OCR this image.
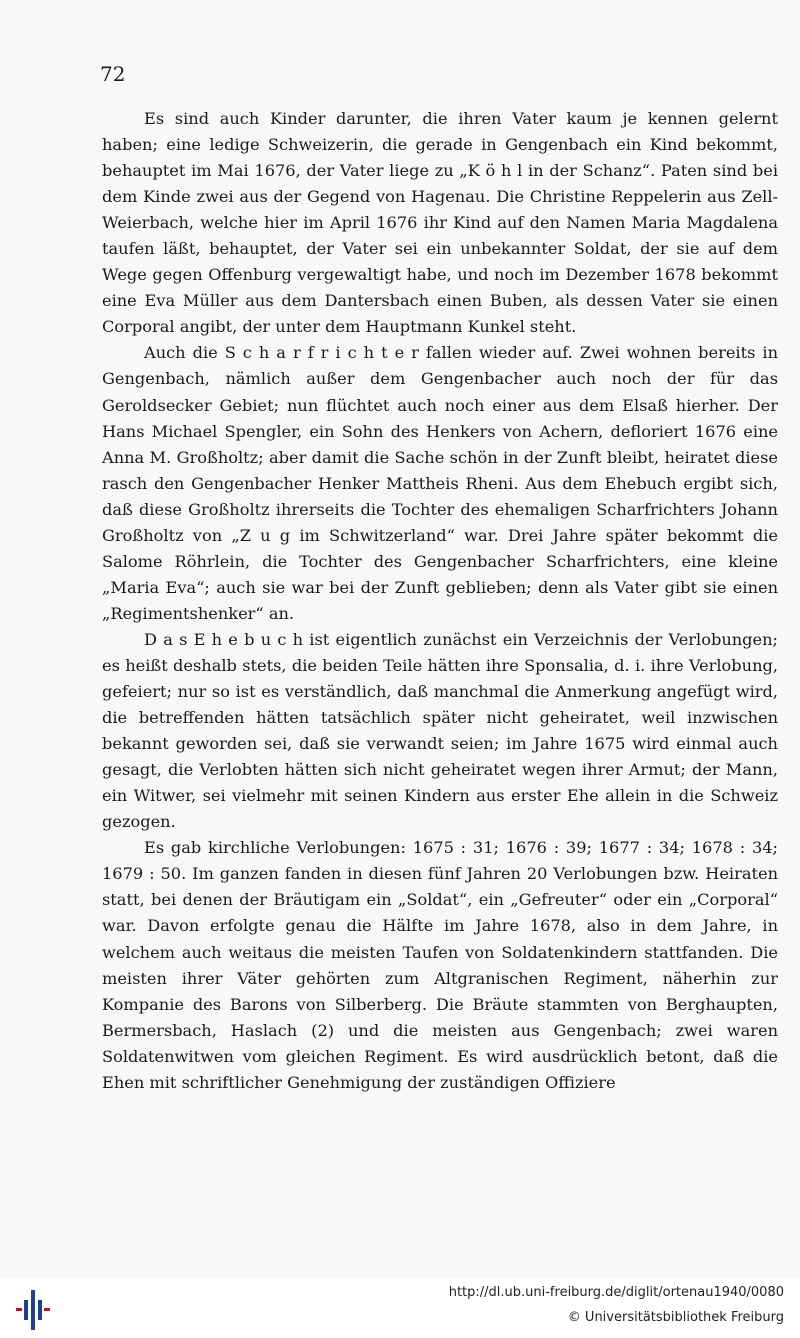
72

Es sind auch Kinder darunter, die ihren Vater kaum je kennen gelernt haben; eine ledige Schweizerin, die gerade in Gengenbach ein Kind bekommt, behauptet im Mai 1676, der Vater liege zu „K ö h l in der Schanz“. Paten sind bei dem Kinde zwei aus der Gegend von Hagenau. Die Christine Reppelerin aus Zell-Weierbach, welche hier im April 1676 ihr Kind auf den Namen Maria Magdalena taufen läßt, behauptet, der Vater sei ein unbekannter Soldat, der sie auf dem Wege gegen Offenburg vergewaltigt habe, und noch im Dezember 1678 bekommt eine Eva Müller aus dem Dantersbach einen Buben, als dessen Vater sie einen Corporal angibt, der unter dem Hauptmann Kunkel steht.

Auch die S c h a r f r i c h t e r fallen wieder auf. Zwei wohnen bereits in Gengenbach, nämlich außer dem Gengenbacher auch noch der für das Geroldsecker Gebiet; nun flüchtet auch noch einer aus dem Elsaß hierher. Der Hans Michael Spengler, ein Sohn des Henkers von Achern, defloriert 1676 eine Anna M. Großholtz; aber damit die Sache schön in der Zunft bleibt, heiratet diese rasch den Gengenbacher Henker Mattheis Rheni. Aus dem Ehebuch ergibt sich, daß diese Großholtz ihrerseits die Tochter des ehemaligen Scharfrichters Johann Großholtz von „Z u g im Schwitzerland“ war. Drei Jahre später bekommt die Salome Röhrlein, die Tochter des Gengenbacher Scharfrichters, eine kleine „Maria Eva“; auch sie war bei der Zunft geblieben; denn als Vater gibt sie einen „Regimentshenker“ an.

D a s E h e b u c h ist eigentlich zunächst ein Verzeichnis der Verlobungen; es heißt deshalb stets, die beiden Teile hätten ihre Sponsalia, d. i. ihre Verlobung, gefeiert; nur so ist es verständlich, daß manchmal die Anmerkung angefügt wird, die betreffenden hätten tatsächlich später nicht geheiratet, weil inzwischen bekannt geworden sei, daß sie verwandt seien; im Jahre 1675 wird einmal auch gesagt, die Verlobten hätten sich nicht geheiratet wegen ihrer Armut; der Mann, ein Witwer, sei vielmehr mit seinen Kindern aus erster Ehe allein in die Schweiz gezogen.

Es gab kirchliche Verlobungen: 1675 : 31; 1676 : 39; 1677 : 34; 1678 : 34; 1679 : 50. Im ganzen fanden in diesen fünf Jahren 20 Verlobungen bzw. Heiraten statt, bei denen der Bräutigam ein „Soldat“, ein „Gefreuter“ oder ein „Corporal“ war. Davon erfolgte genau die Hälfte im Jahre 1678, also in dem Jahre, in welchem auch weitaus die meisten Taufen von Soldatenkindern stattfanden. Die meisten ihrer Väter gehörten zum Altgranischen Regiment, näherhin zur Kompanie des Barons von Silberberg. Die Bräute stammten von Berghaupten, Bermersbach, Haslach (2) und die meisten aus Gengenbach; zwei waren Soldatenwitwen vom gleichen Regiment. Es wird ausdrücklich betont, daß die Ehen mit schriftlicher Genehmigung der zuständigen Offiziere

http://dl.ub.uni-freiburg.de/diglit/ortenau1940/0080
© Universitätsbibliothek Freiburg
